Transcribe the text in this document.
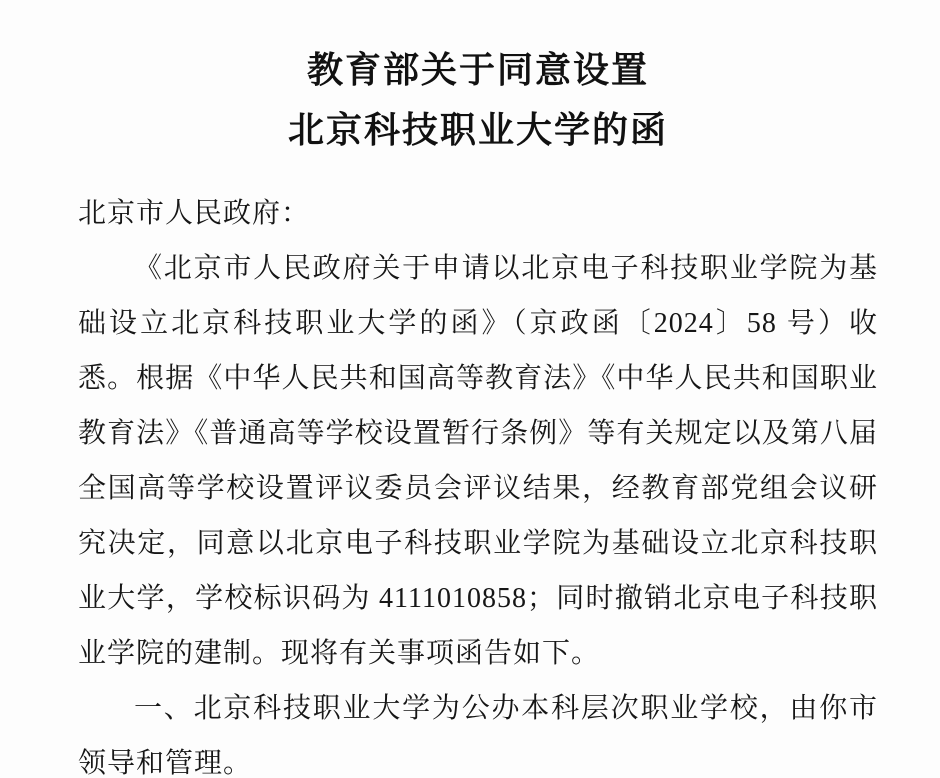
教育部关于同意设置
北京科技职业大学的函

北京市人民政府：

《北京市人民政府关于申请以北京电子科技职业学院为基础设立北京科技职业大学的函》（京政函〔2024〕58 号）收悉。根据《中华人民共和国高等教育法》《中华人民共和国职业教育法》《普通高等学校设置暂行条例》等有关规定以及第八届全国高等学校设置评议委员会评议结果，经教育部党组会议研究决定，同意以北京电子科技职业学院为基础设立北京科技职业大学，学校标识码为 4111010858；同时撤销北京电子科技职业学院的建制。现将有关事项函告如下。

一、北京科技职业大学为公办本科层次职业学校，由你市领导和管理。
